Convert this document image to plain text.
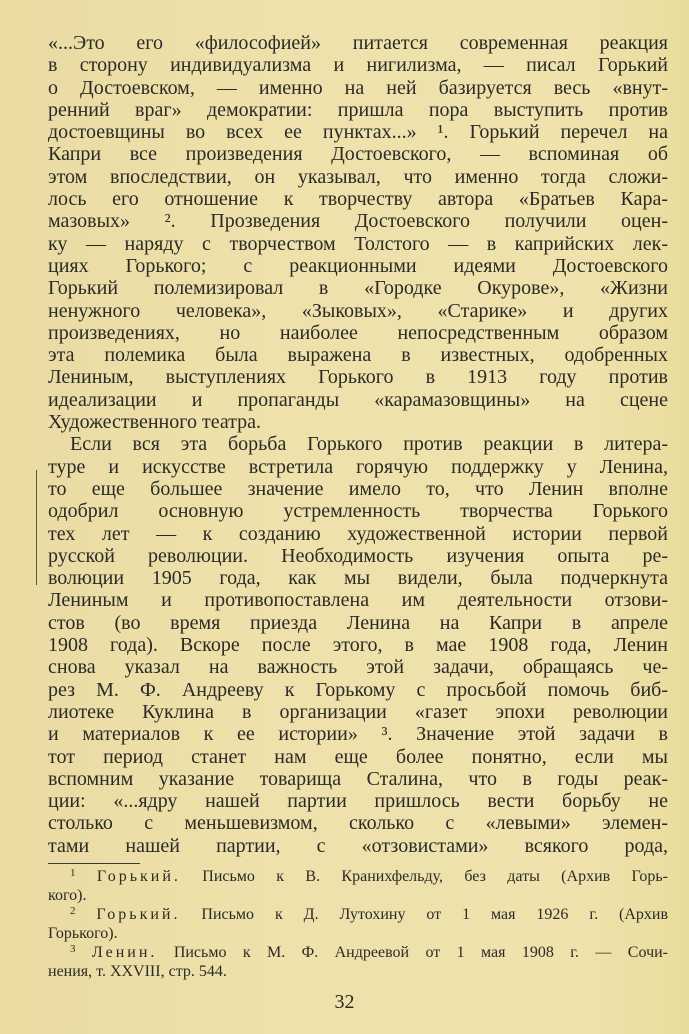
«...Это его «философией» питается современная реакция
в сторону индивидуализма и нигилизма, — писал Горький
о Достоевском, — именно на ней базируется весь «внут-
ренний враг» демократии: пришла пора выступить против
достоевщины во всех ее пунктах...» ¹. Горький перечел на
Капри все произведения Достоевского, — вспоминая об
этом впоследствии, он указывал, что именно тогда сложи-
лось его отношение к творчеству автора «Братьев Кара-
мазовых» ². Прозведения Достоевского получили оцен-
ку — наряду с творчеством Толстого — в каприйских лек-
циях Горького; с реакционными идеями Достоевского
Горький полемизировал в «Городке Окурове», «Жизни
ненужного человека», «Зыковых», «Старике» и других
произведениях, но наиболее непосредственным образом
эта полемика была выражена в известных, одобренных
Лениным, выступлениях Горького в 1913 году против
идеализации и пропаганды «карамазовщины» на сцене
Художественного театра.
Если вся эта борьба Горького против реакции в литера-
туре и искусстве встретила горячую поддержку у Ленина,
то еще большее значение имело то, что Ленин вполне
одобрил основную устремленность творчества Горького
тех лет — к созданию художественной истории первой
русской революции. Необходимость изучения опыта ре-
волюции 1905 года, как мы видели, была подчеркнута
Лениным и противопоставлена им деятельности отзови-
стов (во время приезда Ленина на Капри в апреле
1908 года). Вскоре после этого, в мае 1908 года, Ленин
снова указал на важность этой задачи, обращаясь че-
рез М. Ф. Андрееву к Горькому с просьбой помочь биб-
лиотеке Куклина в организации «газет эпохи революции
и материалов к ее истории» ³. Значение этой задачи в
тот период станет нам еще более понятно, если мы
вспомним указание товарища Сталина, что в годы реак-
ции: «...ядру нашей партии пришлось вести борьбу не
столько с меньшевизмом, сколько с «левыми» элемен-
тами нашей партии, с «отзовистами» всякого рода,
$^1$ Горький. Письмо к В. Кранихфельду, без даты (Архив Горь-
кого).
$^2$ Горький. Письмо к Д. Лутохину от 1 мая 1926 г. (Архив
Горького).
$^3$ Ленин. Письмо к М. Ф. Андреевой от 1 мая 1908 г. — Сочи-
нения, т. XXVIII, стр. 544.
32
